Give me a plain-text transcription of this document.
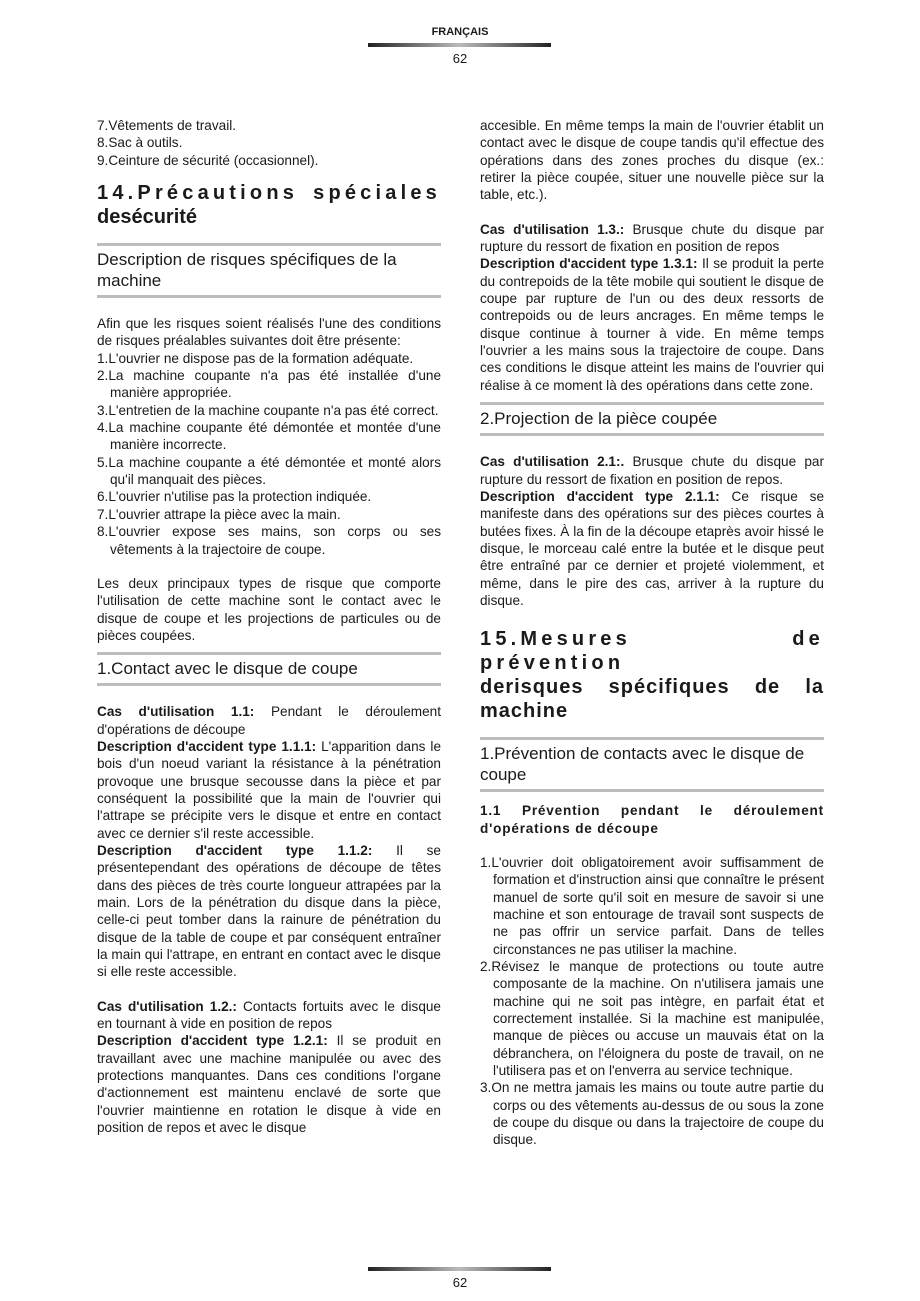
FRANÇAIS
62
7.Vêtements de travail.
8.Sac à outils.
9.Ceinture de sécurité (occasionnel).
14.Précautions spéciales
desécurité
Description de risques spécifiques de la machine

Afin que les risques soient réalisés l'une des conditions de risques préalables suivantes doit être présente:

1.L'ouvrier ne dispose pas de la formation adéquate.
2.La machine coupante n'a pas été installée d'une manière appropriée.
3.L'entretien de la machine coupante n'a pas été correct.
4.La machine coupante été démontée et montée d'une manière incorrecte.
5.La machine coupante a été démontée et monté alors qu'il manquait des pièces.
6.L'ouvrier n'utilise pas la protection indiquée.
7.L'ouvrier attrape la pièce avec la main.
8.L'ouvrier expose ses mains, son corps ou ses vêtements à la trajectoire de coupe.

Les deux principaux types de risque que comporte l'utilisation de cette machine sont le contact avec le disque de coupe et les projections de particules ou de pièces coupées.

1.Contact avec le disque de coupe

Cas d'utilisation 1.1: Pendant le déroulement d'opérations de découpe

Description d'accident type 1.1.1: L'apparition dans le bois d'un noeud variant la résistance à la pénétration provoque une brusque secousse dans la pièce et par conséquent la possibilité que la main de l'ouvrier qui l'attrape se précipite vers le disque et entre en contact avec ce dernier s'il reste accessible.

Description d'accident type 1.1.2: Il se présentependant des opérations de découpe de têtes dans des pièces de très courte longueur attrapées par la main. Lors de la pénétration du disque dans la pièce, celle-ci peut tomber dans la rainure de pénétration du disque de la table de coupe et par conséquent entraîner la main qui l'attrape, en entrant en contact avec le disque si elle reste accessible.

Cas d'utilisation 1.2.: Contacts fortuits avec le disque en tournant à vide en position de repos

Description d'accident type 1.2.1: Il se produit en travaillant avec une machine manipulée ou avec des protections manquantes. Dans ces conditions l'organe d'actionnement est maintenu enclavé de sorte que l'ouvrier maintienne en rotation le disque à vide en position de repos et avec le disque

accesible. En même temps la main de l'ouvrier établit un contact avec le disque de coupe tandis qu'il effectue des opérations dans des zones proches du disque (ex.: retirer la pièce coupée, situer une nouvelle pièce sur la table, etc.).

Cas d'utilisation 1.3.: Brusque chute du disque par rupture du ressort de fixation en position de repos

Description d'accident type 1.3.1: Il se produit la perte du contrepoids de la tête mobile qui soutient le disque de coupe par rupture de l'un ou des deux ressorts de contrepoids ou de leurs ancrages. En même temps le disque continue à tourner à vide. En même temps l'ouvrier a les mains sous la trajectoire de coupe. Dans ces conditions le disque atteint les mains de l'ouvrier qui réalise à ce moment là des opérations dans cette zone.

2.Projection de la pièce coupée

Cas d'utilisation 2.1:. Brusque chute du disque par rupture du ressort de fixation en position de repos.

Description d'accident type 2.1.1: Ce risque se manifeste dans des opérations sur des pièces courtes à butées fixes. À la fin de la découpe etaprès avoir hissé le disque, le morceau calé entre la butée et le disque peut être entraîné par ce dernier et projeté violemment, et même, dans le pire des cas, arriver à la rupture du disque.

15.Mesures de prévention
derisques spécifiques de la machine
1.Prévention de contacts avec le disque de coupe

1.1 Prévention pendant le déroulement d'opérations de découpe

1.L'ouvrier doit obligatoirement avoir suffisamment de formation et d'instruction ainsi que connaître le présent manuel de sorte qu'il soit en mesure de savoir si une machine et son entourage de travail sont suspects de ne pas offrir un service parfait. Dans de telles circonstances ne pas utiliser la machine.
2.Révisez le manque de protections ou toute autre composante de la machine. On n'utilisera jamais une machine qui ne soit pas intègre, en parfait état et correctement installée. Si la machine est manipulée, manque de pièces ou accuse un mauvais état on la débranchera, on l'éloignera du poste de travail, on ne l'utilisera pas et on l'enverra au service technique.
3.On ne mettra jamais les mains ou toute autre partie du corps ou des vêtements au-dessus de ou sous la zone de coupe du disque ou dans la trajectoire de coupe du disque.
62
